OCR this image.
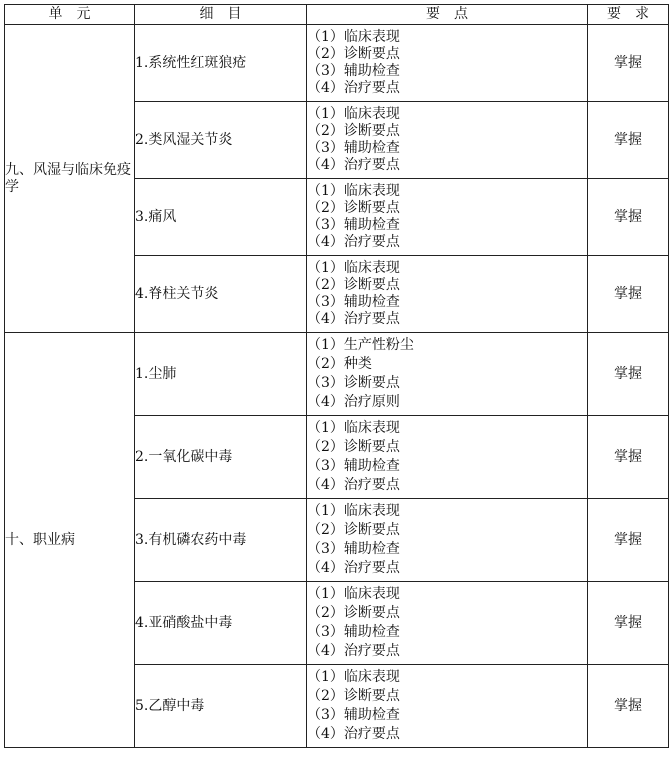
单元	细目	要点	要求
九、风湿与临床免疫学	1.系统性红斑狼疮	（1）临床表现
（2）诊断要点
（3）辅助检查
（4）治疗要点	掌握
	2.类风湿关节炎	（1）临床表现
（2）诊断要点
（3）辅助检查
（4）治疗要点	掌握
	3.痛风	（1）临床表现
（2）诊断要点
（3）辅助检查
（4）治疗要点	掌握
	4.脊柱关节炎	（1）临床表现
（2）诊断要点
（3）辅助检查
（4）治疗要点	掌握
十、职业病	1.尘肺	（1）生产性粉尘
（2）种类
（3）诊断要点
（4）治疗原则	掌握
	2.一氧化碳中毒	（1）临床表现
（2）诊断要点
（3）辅助检查
（4）治疗要点	掌握
	3.有机磷农药中毒	（1）临床表现
（2）诊断要点
（3）辅助检查
（4）治疗要点	掌握
	4.亚硝酸盐中毒	（1）临床表现
（2）诊断要点
（3）辅助检查
（4）治疗要点	掌握
	5.乙醇中毒	（1）临床表现
（2）诊断要点
（3）辅助检查
（4）治疗要点	掌握
